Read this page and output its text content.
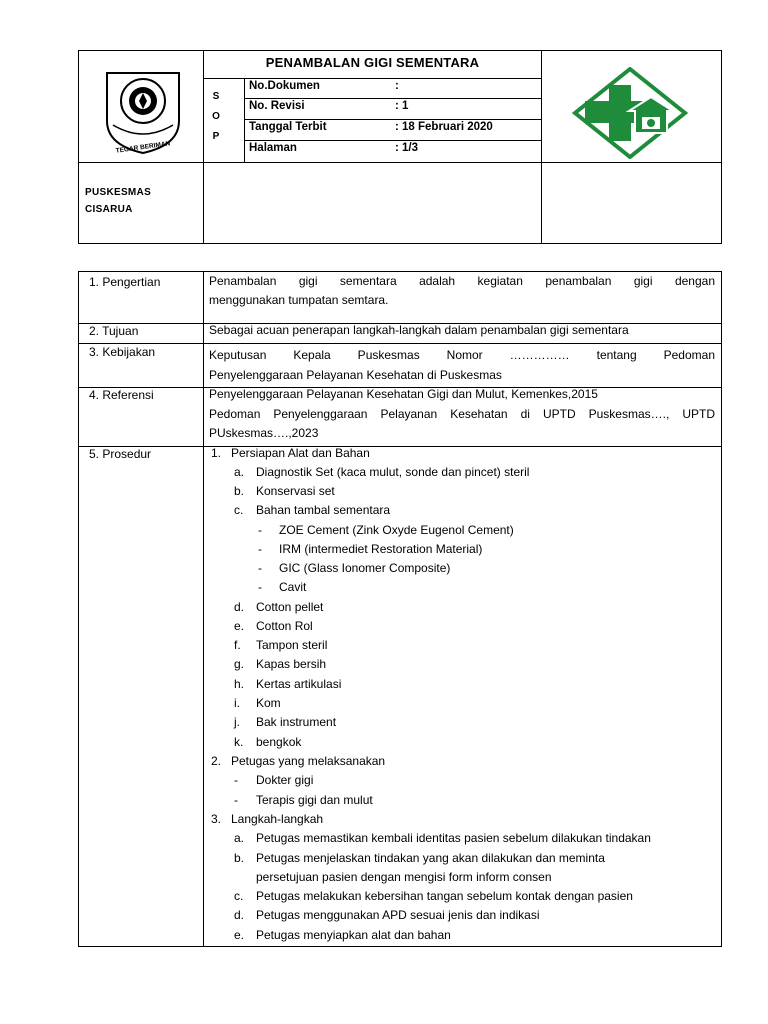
TEGAR BERIMAN
PENAMBALAN GIGI SEMENTARA
S
O
P
No.Dokumen	:
No. Revisi	: 1
Tanggal Terbit	: 18 Februari 2020
Halaman	: 1/3
PUSKESMAS
CISARUA
1. Pengertian	Penambalan gigi sementara adalah kegiatan penambalan gigi dengan
menggunakan tumpatan semtara.
2. Tujuan	Sebagai acuan penerapan langkah-langkah dalam penambalan gigi sementara
3. Kebijakan	Keputusan Kepala Puskesmas Nomor …………… tentang Pedoman
Penyelenggaraan Pelayanan Kesehatan di Puskesmas
4. Referensi	Penyelenggaraan Pelayanan Kesehatan Gigi dan Mulut, Kemenkes,2015
Pedoman Penyelenggaraan Pelayanan Kesehatan di UPTD Puskesmas…., UPTD
PUskesmas….,2023
5. Prosedur	1. Persiapan Alat dan Bahan
a. Diagnostik Set (kaca mulut, sonde dan pincet) steril
b. Konservasi set
c. Bahan tambal sementara
- ZOE Cement (Zink Oxyde Eugenol Cement)
- IRM (intermediet Restoration Material)
- GIC (Glass Ionomer Composite)
- Cavit
d. Cotton pellet
e. Cotton Rol
f. Tampon steril
g. Kapas bersih
h. Kertas artikulasi
i. Kom
j. Bak instrument
k. bengkok
2. Petugas yang melaksanakan
- Dokter gigi
- Terapis gigi dan mulut
3. Langkah-langkah
a. Petugas memastikan kembali identitas pasien sebelum dilakukan tindakan
b. Petugas menjelaskan tindakan yang akan dilakukan dan meminta
persetujuan pasien dengan mengisi form inform consen
c. Petugas melakukan kebersihan tangan sebelum kontak dengan pasien
d. Petugas menggunakan APD sesuai jenis dan indikasi
e. Petugas menyiapkan alat dan bahan
